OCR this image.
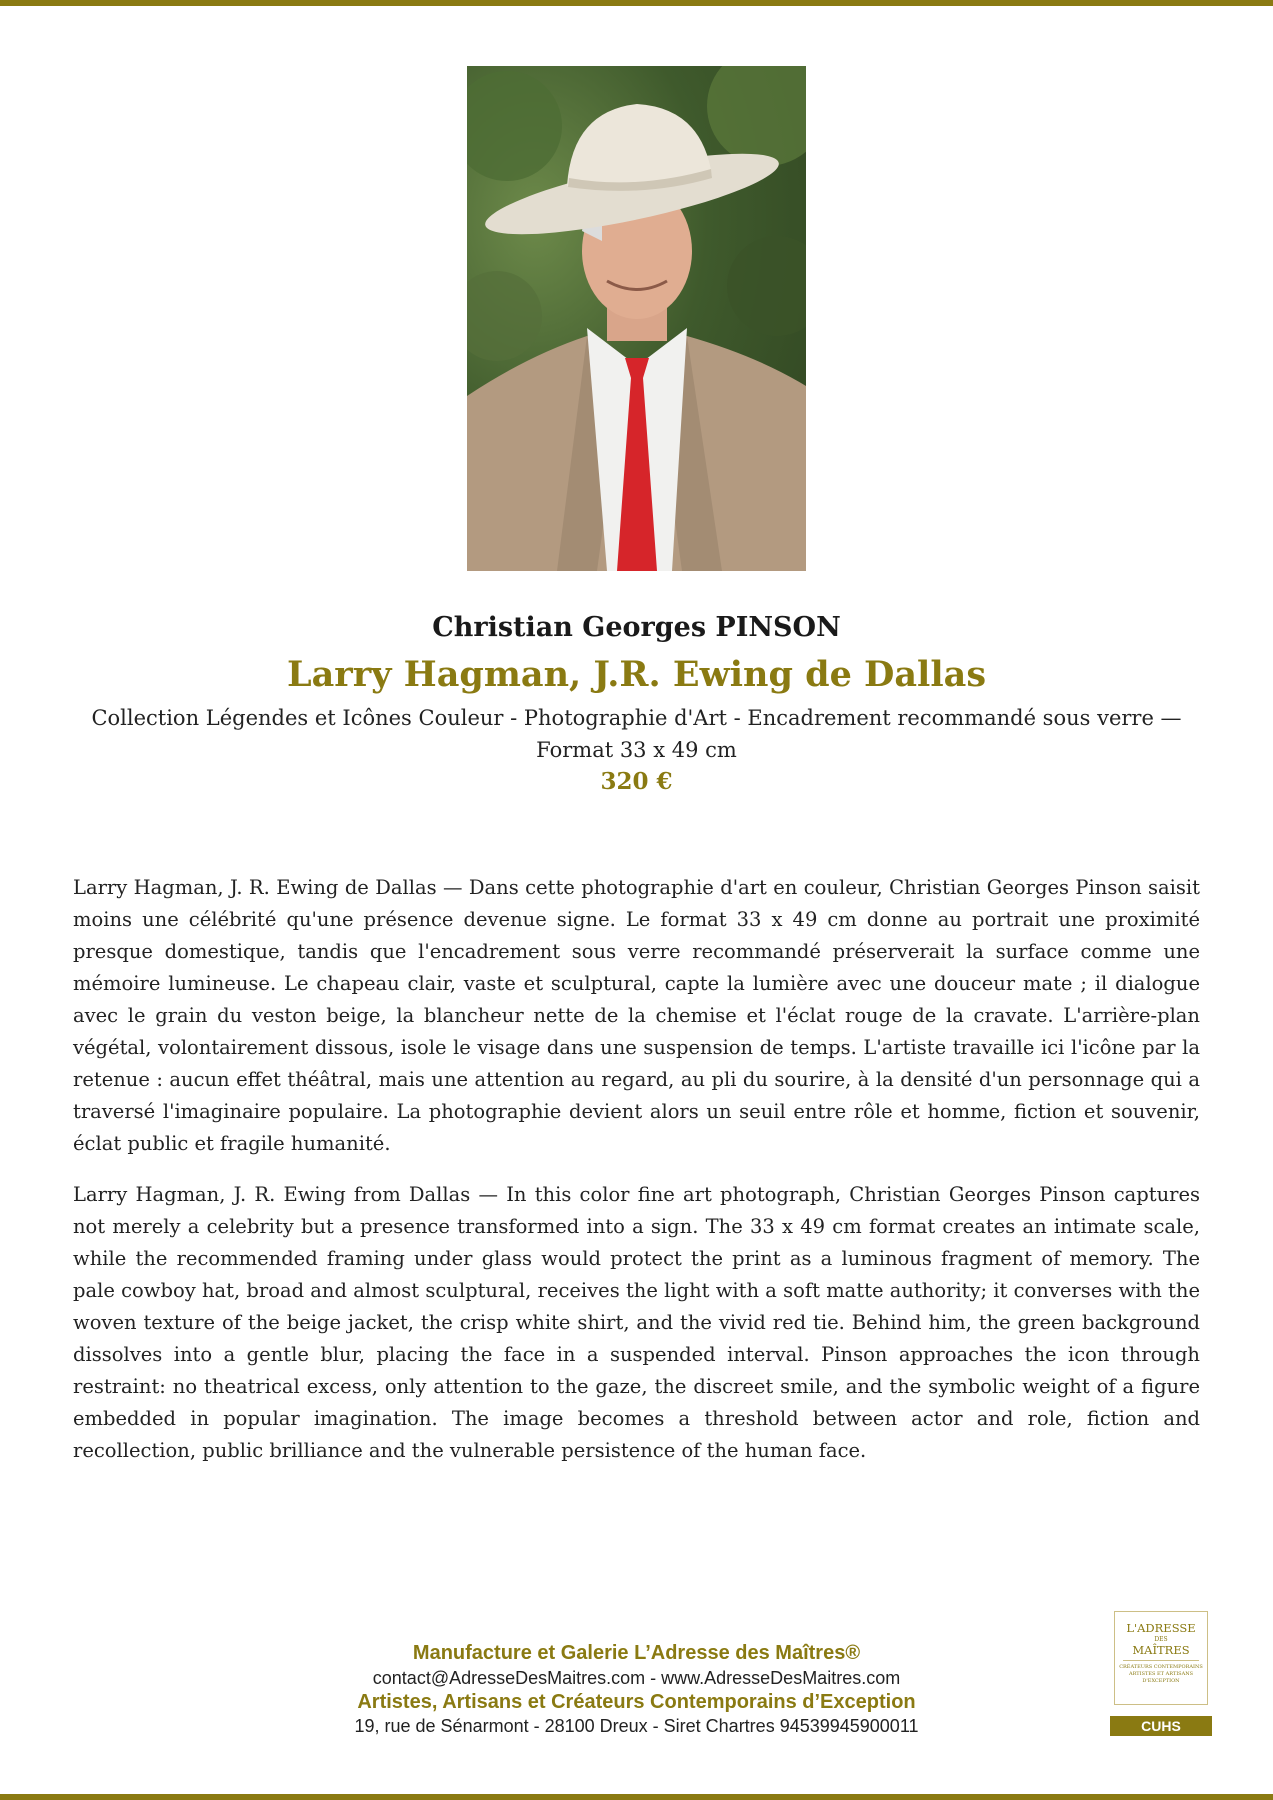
Christian Georges PINSON
Larry Hagman, J.R. Ewing de Dallas
Collection Légendes et Icônes Couleur - Photographie d'Art - Encadrement recommandé sous verre — Format 33 x 49 cm
320 €
Larry Hagman, J. R. Ewing de Dallas — Dans cette photographie d'art en couleur, Christian Georges Pinson saisit moins une célébrité qu'une présence devenue signe. Le format 33 x 49 cm donne au portrait une proximité presque domestique, tandis que l'encadrement sous verre recommandé préserverait la surface comme une mémoire lumineuse. Le chapeau clair, vaste et sculptural, capte la lumière avec une douceur mate ; il dialogue avec le grain du veston beige, la blancheur nette de la chemise et l'éclat rouge de la cravate. L'arrière-plan végétal, volontairement dissous, isole le visage dans une suspension de temps. L'artiste travaille ici l'icône par la retenue : aucun effet théâtral, mais une attention au regard, au pli du sourire, à la densité d'un personnage qui a traversé l'imaginaire populaire. La photographie devient alors un seuil entre rôle et homme, fiction et souvenir, éclat public et fragile humanité.
Larry Hagman, J. R. Ewing from Dallas — In this color fine art photograph, Christian Georges Pinson captures not merely a celebrity but a presence transformed into a sign. The 33 x 49 cm format creates an intimate scale, while the recommended framing under glass would protect the print as a luminous fragment of memory. The pale cowboy hat, broad and almost sculptural, receives the light with a soft matte authority; it converses with the woven texture of the beige jacket, the crisp white shirt, and the vivid red tie. Behind him, the green background dissolves into a gentle blur, placing the face in a suspended interval. Pinson approaches the icon through restraint: no theatrical excess, only attention to the gaze, the discreet smile, and the symbolic weight of a figure embedded in popular imagination. The image becomes a threshold between actor and role, fiction and recollection, public brilliance and the vulnerable persistence of the human face.
Manufacture et Galerie L’Adresse des Maîtres®
contact@AdresseDesMaitres.com - www.AdresseDesMaitres.com
Artistes, Artisans et Créateurs Contemporains d’Exception
19, rue de Sénarmont - 28100 Dreux - Siret Chartres 94539945900011
L'ADRESSE
DES
MAÎTRES
CRÉATEURS CONTEMPORAINS ARTISTES ET ARTISANS D'EXCEPTION
CUHS
